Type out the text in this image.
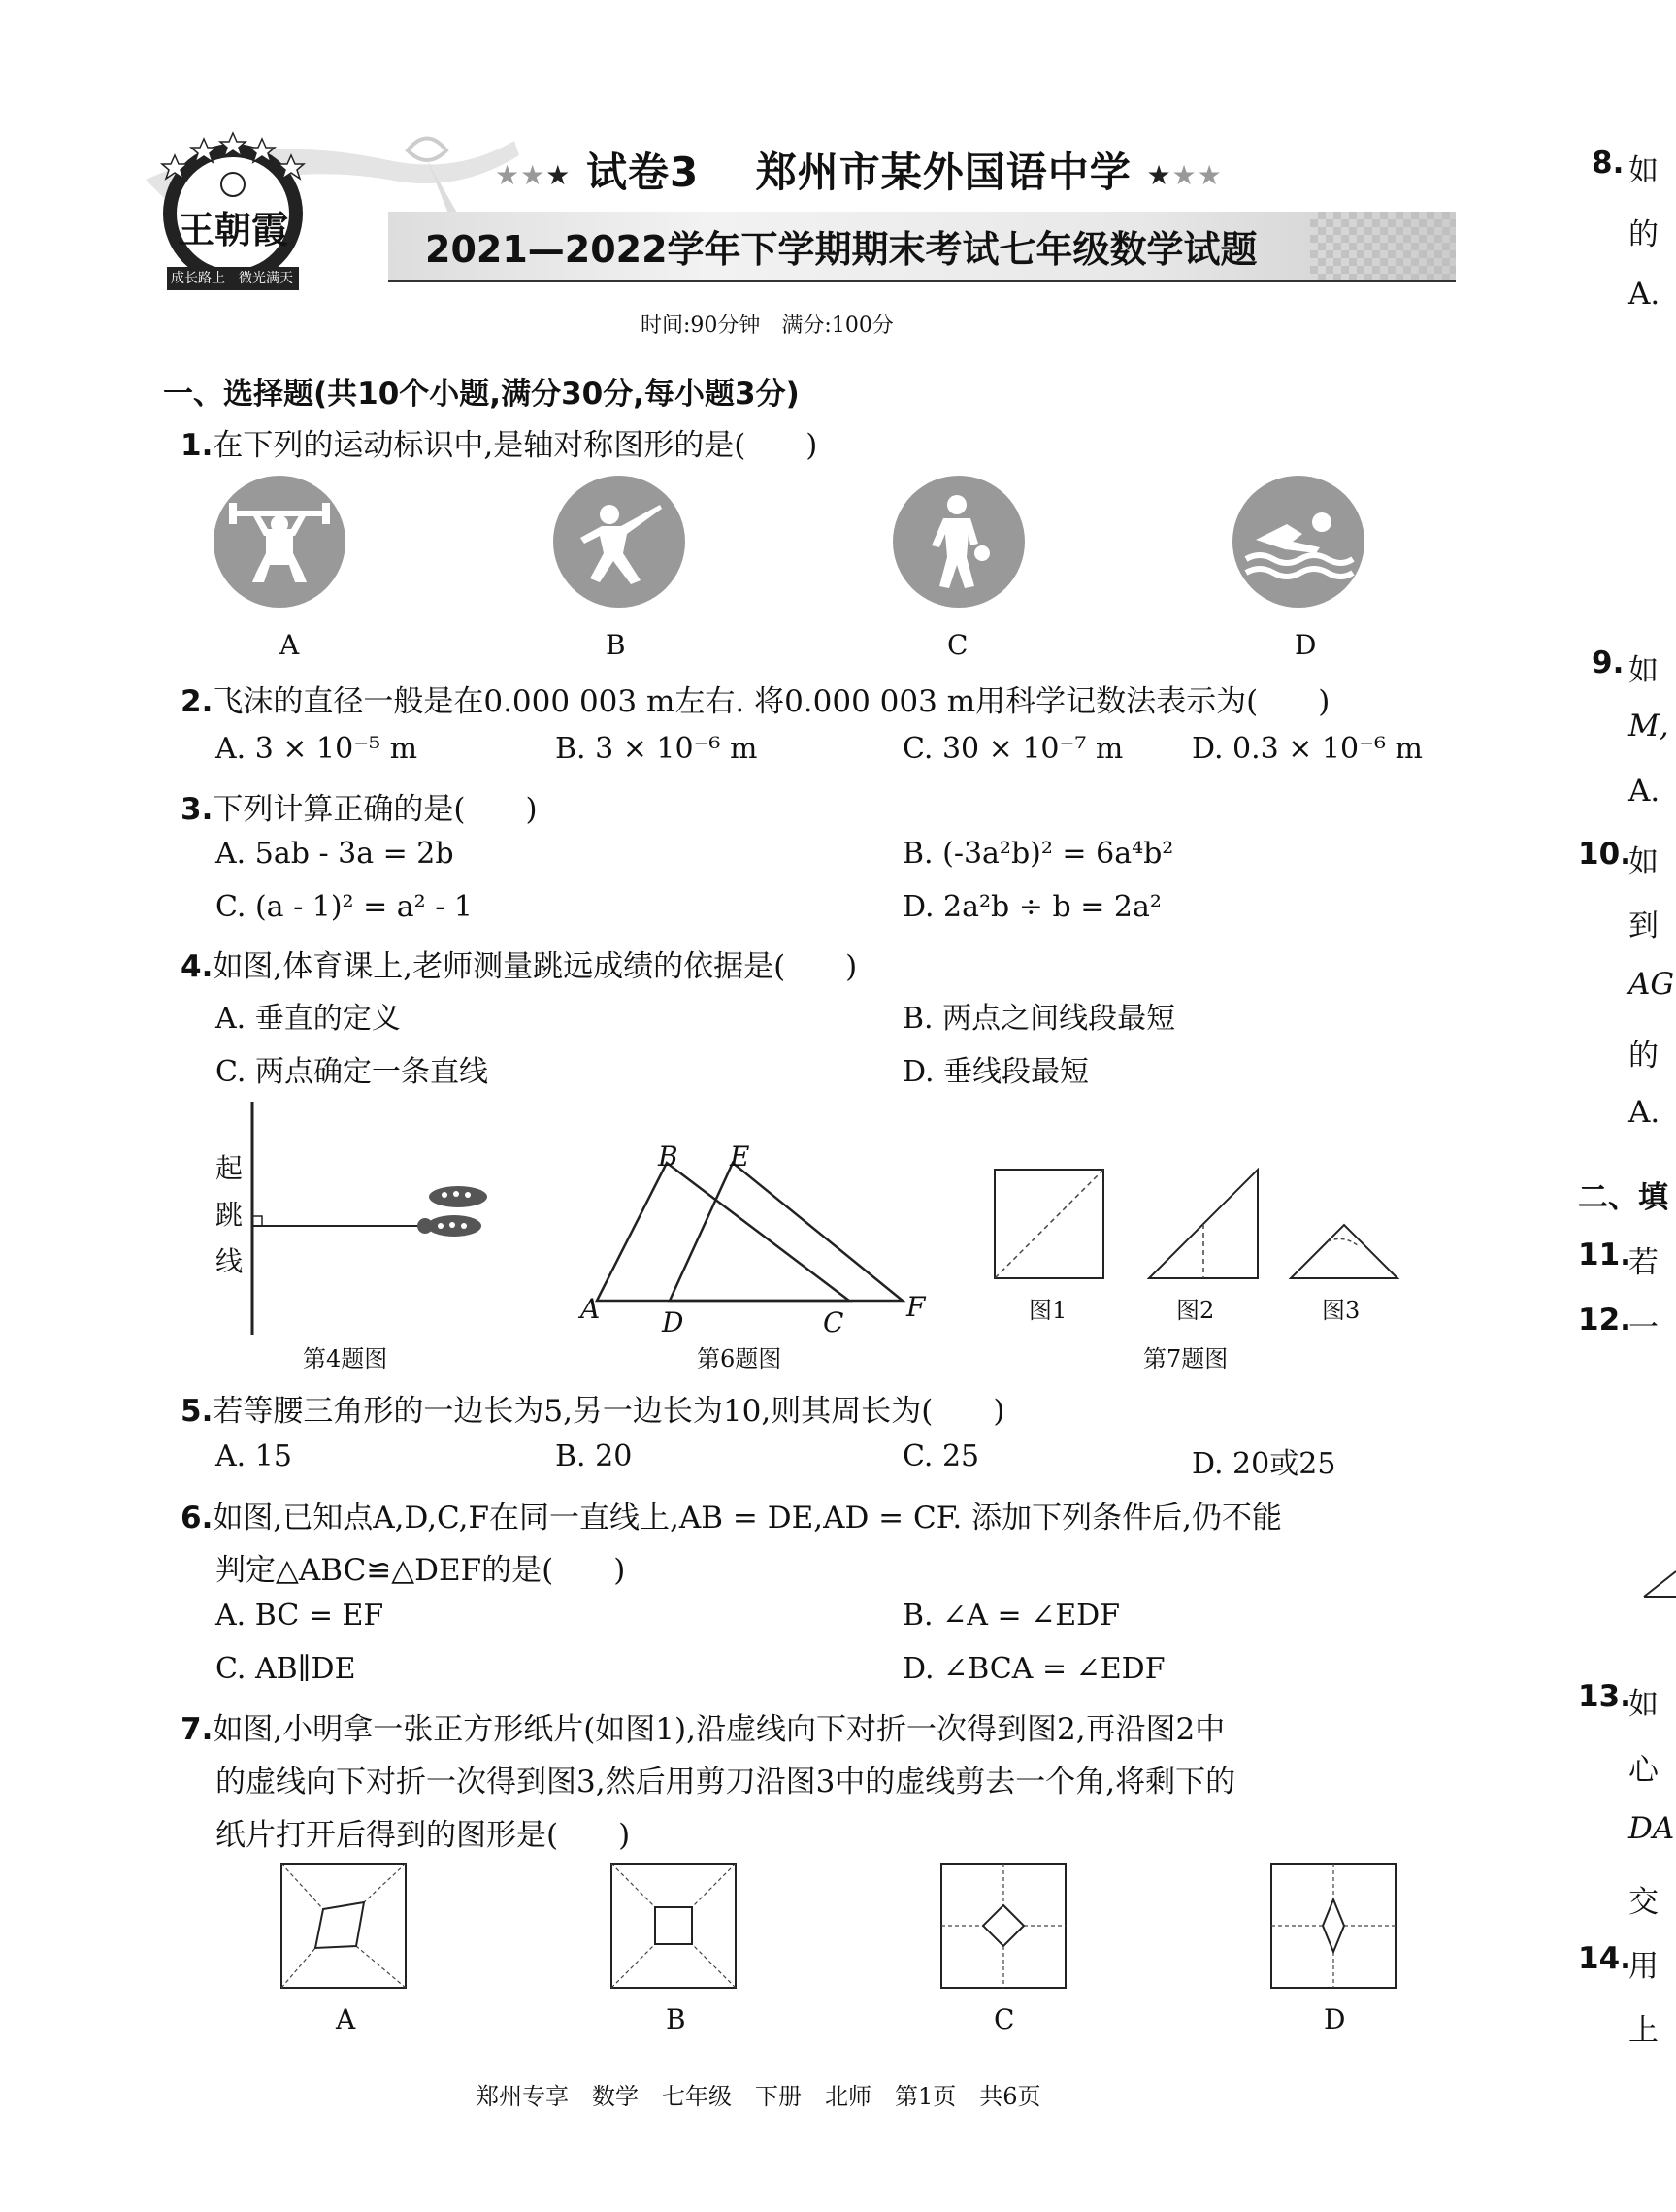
王朝霞
成长路上 微光满天
★★★ 试卷3　 郑州市某外国语中学 ★★★
2021—2022学年下学期期末考试七年级数学试题
时间:90分钟　满分:100分
一、选择题(共10个小题,满分30分,每小题3分)
1.在下列的运动标识中,是轴对称图形的是(　　)
A	B	C	D
2.飞沫的直径一般是在0.000 003 m左右. 将0.000 003 m用科学记数法表示为(　　)
A. 3 × 10⁻⁵ m	B. 3 × 10⁻⁶ m	C. 30 × 10⁻⁷ m D. 0.3 × 10⁻⁶ m
3.下列计算正确的是(　　)
A. 5ab - 3a = 2b	B. (-3a²b)² = 6a⁴b²
C. (a - 1)² = a² - 1	D. 2a²b ÷ b = 2a²
4.如图,体育课上,老师测量跳远成绩的依据是(　　)
A. 垂直的定义	B. 两点之间线段最短
C. 两点确定一条直线	D. 垂线段最短
起跳线
第4题图
B E
A D	C F
第6题图
图1	图2	图3
第7题图
5.若等腰三角形的一边长为5,另一边长为10,则其周长为(　　)
A. 15	B. 20	C. 25	D. 20或25
6.如图,已知点A,D,C,F在同一直线上,AB = DE,AD = CF. 添加下列条件后,仍不能
判定△ABC≌△DEF的是(　　)
A. BC = EF	B. ∠A = ∠EDF
C. AB∥DE	D. ∠BCA = ∠EDF
7.如图,小明拿一张正方形纸片(如图1),沿虚线向下对折一次得到图2,再沿图2中
的虚线向下对折一次得到图3,然后用剪刀沿图3中的虚线剪去一个角,将剩下的
纸片打开后得到的图形是(　　)
A	B	C	D
8. 如
的
A.
9. 如
M,
A.
10.
如
到
AG
的
A.
二、填
11.
若
12.
一
13.
如
心
DA
交
14.
用
上
郑州专享　数学　七年级　下册　北师　第1页　共6页
